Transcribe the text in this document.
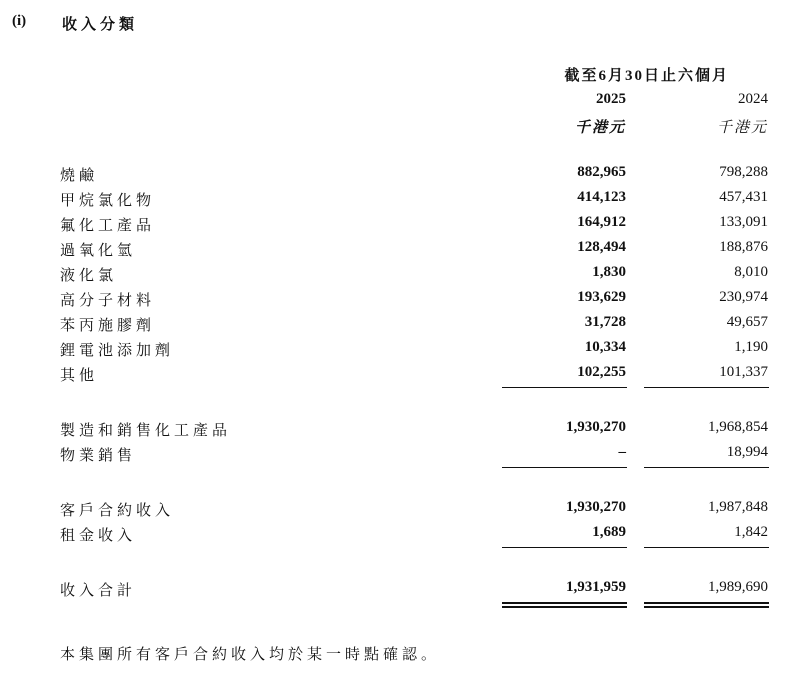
(i) 收入分類
截至6月30日止六個月
2025	2024
千港元	千港元
燒鹼	882,965	798,288
甲烷氯化物	414,123	457,431
氟化工產品	164,912	133,091
過氧化氫	128,494	188,876
液化氯	1,830	8,010
高分子材料	193,629	230,974
苯丙施膠劑	31,728	49,657
鋰電池添加劑	10,334	1,190
其他	102,255	101,337
製造和銷售化工產品	1,930,270	1,968,854
物業銷售	–	18,994
客戶合約收入	1,930,270	1,987,848
租金收入	1,689	1,842
收入合計	1,931,959	1,989,690
本集團所有客戶合約收入均於某一時點確認。
